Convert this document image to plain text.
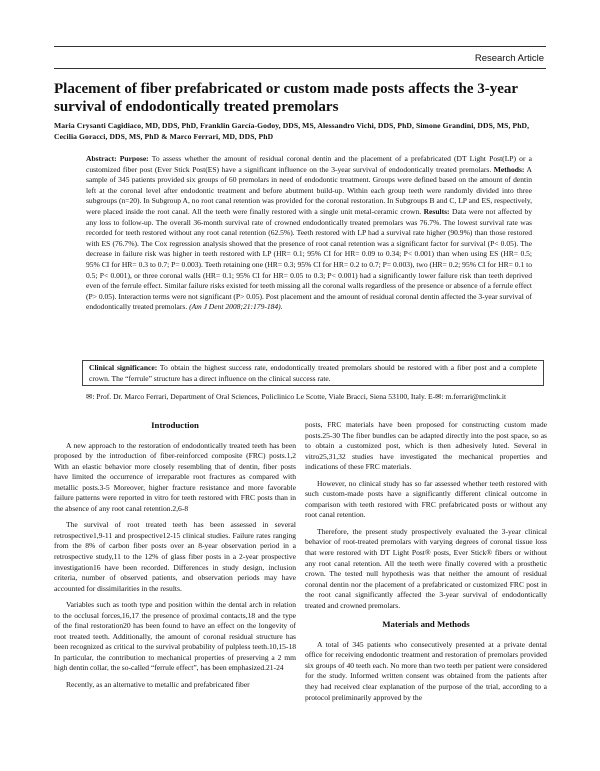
Research Article
Placement of fiber prefabricated or custom made posts affects the 3-year survival of endodontically treated premolars
Maria Crysanti Cagidiaco, MD, DDS, PhD, Franklin García-Godoy, DDS, MS, Alessandro Vichi, DDS, PhD, Simone Grandini, DDS, MS, PhD, Cecilia Goracci, DDS, MS, PhD & Marco Ferrari, MD, DDS, PhD
Abstract: Purpose: To assess whether the amount of residual coronal dentin and the placement of a prefabricated (DT Light Post(LP) or a customized fiber post (Ever Stick Post(ES) have a significant influence on the 3-year survival of endodontically treated premolars. Methods: A sample of 345 patients provided six groups of 60 premolars in need of endodontic treatment. Groups were defined based on the amount of dentin left at the coronal level after endodontic treatment and before abutment build-up. Within each group teeth were randomly divided into three subgroups (n=20). In Subgroup A, no root canal retention was provided for the coronal restoration. In Subgroups B and C, LP and ES, respectively, were placed inside the root canal. All the teeth were finally restored with a single unit metal-ceramic crown. Results: Data were not affected by any loss to follow-up. The overall 36-month survival rate of crowned endodontically treated premolars was 76.7%. The lowest survival rate was recorded for teeth restored without any root canal retention (62.5%). Teeth restored with LP had a survival rate higher (90.9%) than those restored with ES (76.7%). The Cox regression analysis showed that the presence of root canal retention was a significant factor for survival (P< 0.05). The decrease in failure risk was higher in teeth restored with LP (HR= 0.1; 95% CI for HR= 0.09 to 0.34; P< 0.001) than when using ES (HR= 0.5; 95% CI for HR= 0.3 to 0.7; P= 0.003). Teeth retaining one (HR= 0.3; 95% CI for HR= 0.2 to 0.7; P= 0.003), two (HR= 0.2; 95% CI for HR= 0.1 to 0.5; P< 0.001), or three coronal walls (HR= 0.1; 95% CI for HR= 0.05 to 0.3; P< 0.001) had a significantly lower failure risk than teeth deprived even of the ferrule effect. Similar failure risks existed for teeth missing all the coronal walls regardless of the presence or absence of a ferrule effect (P> 0.05). Interaction terms were not significant (P> 0.05). Post placement and the amount of residual coronal dentin affected the 3-year survival of endodontically treated premolars. (Am J Dent 2008;21:179-184).
Clinical significance: To obtain the highest success rate, endodontically treated premolars should be restored with a fiber post and a complete crown. The “ferrule” structure has a direct influence on the clinical success rate.
✉: Prof. Dr. Marco Ferrari, Department of Oral Sciences, Policlinico Le Scotte, Viale Bracci, Siena 53100, Italy. E-✉: m.ferrari@mclink.it
Introduction

A new approach to the restoration of endodontically treated teeth has been proposed by the introduction of fiber-reinforced composite (FRC) posts.1,2 With an elastic behavior more closely resembling that of dentin, fiber posts have limited the occurrence of irreparable root fractures as compared with metallic posts.3-5 Moreover, higher fracture resistance and more favorable failure patterns were reported in vitro for teeth restored with FRC posts than in the absence of any root canal retention.2,6-8

The survival of root treated teeth has been assessed in several retrospective1,9-11 and prospective12-15 clinical studies. Failure rates ranging from the 8% of carbon fiber posts over an 8-year observation period in a retrospective study,11 to the 12% of glass fiber posts in a 2-year prospective investigation16 have been recorded. Differences in study design, inclusion criteria, number of observed patients, and observation periods may have accounted for dissimilarities in the results.

Variables such as tooth type and position within the dental arch in relation to the occlusal forces,16,17 the presence of proximal contacts,18 and the type of the final restoration20 has been found to have an effect on the longevity of root treated teeth. Additionally, the amount of coronal residual structure has been recognized as critical to the survival probability of pulpless teeth.10,15-18 In particular, the contribution to mechanical properties of preserving a 2 mm high dentin collar, the so-called “ferrule effect”, has been emphasized.21-24

Recently, as an alternative to metallic and prefabricated fiber

posts, FRC materials have been proposed for constructing custom made posts.25-30 The fiber bundles can be adapted directly into the post space, so as to obtain a customized post, which is then adhesively luted. Several in vitro25,31,32 studies have investigated the mechanical properties and indications of these FRC materials.

However, no clinical study has so far assessed whether teeth restored with such custom-made posts have a significantly different clinical outcome in comparison with teeth restored with FRC prefabricated posts or without any root canal retention.

Therefore, the present study prospectively evaluated the 3-year clinical behavior of root-treated premolars with varying degrees of coronal tissue loss that were restored with DT Light Post® posts, Ever Stick® fibers or without any root canal retention. All the teeth were finally covered with a prosthetic crown. The tested null hypothesis was that neither the amount of residual coronal dentin nor the placement of a prefabricated or customized FRC post in the root canal significantly affected the 3-year survival of endodontically treated and crowned premolars.

Materials and Methods

A total of 345 patients who consecutively presented at a private dental office for receiving endodontic treatment and restoration of premolars provided six groups of 40 teeth each. No more than two teeth per patient were considered for the study. Informed written consent was obtained from the patients after they had received clear explanation of the purpose of the trial, according to a protocol preliminarily approved by the
